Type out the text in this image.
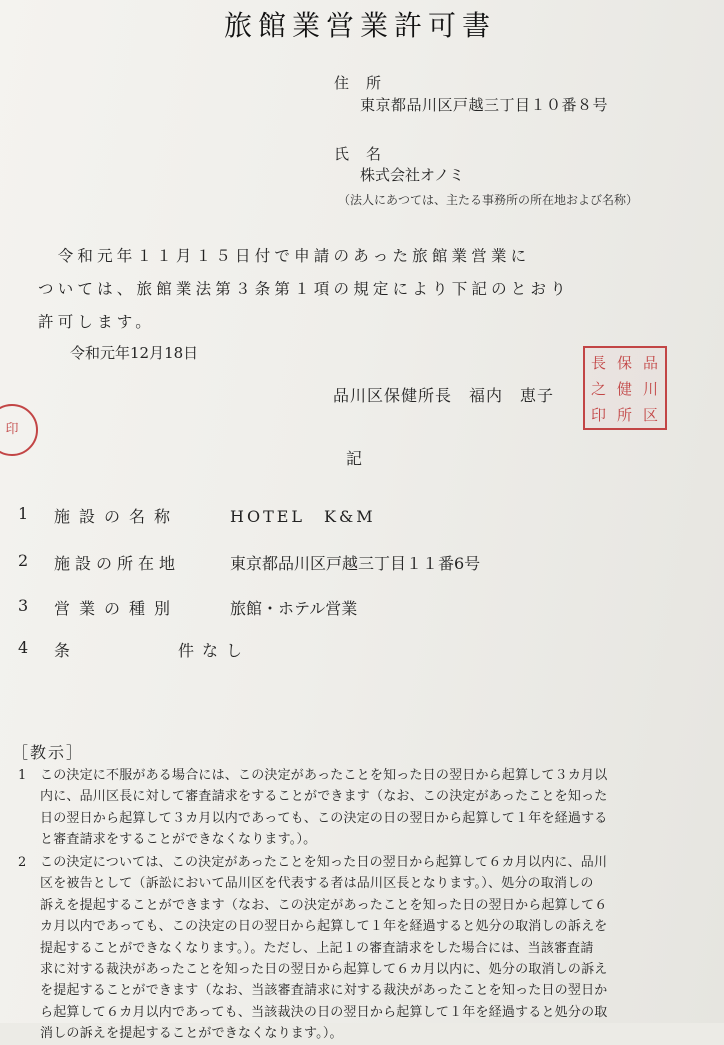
旅館業営業許可書
住　所
東京都品川区戸越三丁目１０番８号
氏　名
株式会社オノミ
（法人にあつては、主たる事務所の所在地および名称）
　令和元年１１月１５日付で申請のあった旅館業営業に
ついては、旅館業法第３条第１項の規定により下記のとおり
許可します。
令和元年12月18日
品川区保健所長　福内　恵子
品
川
区
保
健
所
長
之
印
印
記
1 施設の名称	HOTEL　K&M
2 施設の所在地	東京都品川区戸越三丁目１１番6号
3 営業の種別	旅館・ホテル営業
4 条	件なし
［教示］
1 この決定に不服がある場合には、この決定があったことを知った日の翌日から起算して３カ月以
内に、品川区長に対して審査請求をすることができます（なお、この決定があったことを知った
日の翌日から起算して３カ月以内であっても、この決定の日の翌日から起算して１年を経過する
と審査請求をすることができなくなります。）。
2 この決定については、この決定があったことを知った日の翌日から起算して６カ月以内に、品川
区を被告として（訴訟において品川区を代表する者は品川区長となります。）、処分の取消しの
訴えを提起することができます（なお、この決定があったことを知った日の翌日から起算して６
カ月以内であっても、この決定の日の翌日から起算して１年を経過すると処分の取消しの訴えを
提起することができなくなります。）。ただし、上記１の審査請求をした場合には、当該審査請
求に対する裁決があったことを知った日の翌日から起算して６カ月以内に、処分の取消しの訴え
を提起することができます（なお、当該審査請求に対する裁決があったことを知った日の翌日か
ら起算して６カ月以内であっても、当該裁決の日の翌日から起算して１年を経過すると処分の取
消しの訴えを提起することができなくなります。）。
